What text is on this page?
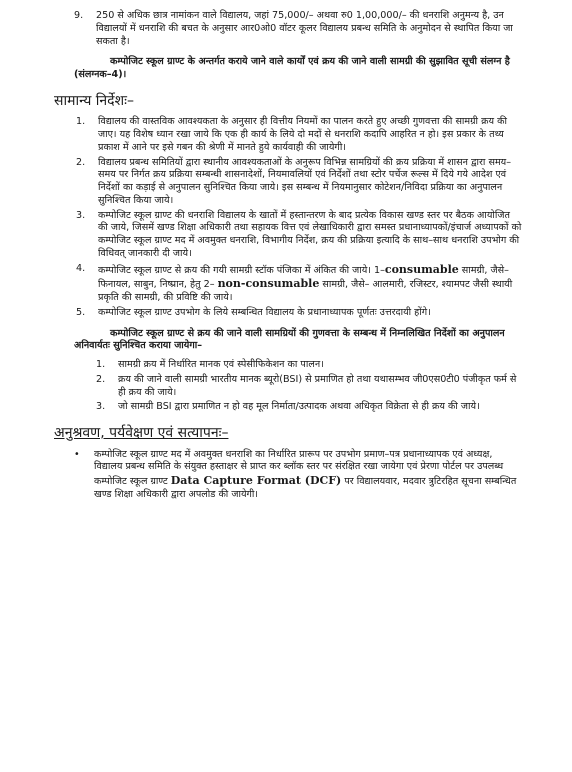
9. 250 से अधिक छात्र नामांकन वाले विद्यालय, जहां 75,000/– अथवा रु0 1,00,000/– की धनराशि अनुमन्य है, उन विद्यालयों में धनराशि की बचत के अनुसार आर0ओ0 वॉटर कूलर विद्यालय प्रबन्ध समिति के अनुमोदन से स्थापित किया जा सकता है।

कम्पोजिट स्कूल ग्राण्ट के अन्तर्गत कराये जाने वाले कार्यों एवं क्रय की जाने वाली सामग्री की सुझावित सूची संलग्न है (संलग्नक–4)।

सामान्य निर्देशः–
1. विद्यालय की वास्तविक आवश्यकता के अनुसार ही वित्तीय नियमों का पालन करते हुए अच्छी गुणवत्ता की सामग्री क्रय की जाए। यह विशेष ध्यान रखा जाये कि एक ही कार्य के लिये दो मदों से धनराशि कदापि आहरित न हो। इस प्रकार के तथ्य प्रकाश में आने पर इसे गबन की श्रेणी में मानते हुये कार्यवाही की जायेगी।

2. विद्यालय प्रबन्ध समितियों द्वारा स्थानीय आवश्यकताओं के अनुरूप विभिन्न सामग्रियों की क्रय प्रक्रिया में शासन द्वारा समय–समय पर निर्गत क्रय प्रक्रिया सम्बन्धी शासनादेशों, नियमावलियों एवं निर्देशों तथा स्टोर पर्चेज रूल्स में दिये गये आदेश एवं निर्देशों का कड़ाई से अनुपालन सुनिश्चित किया जाये। इस सम्बन्ध में नियमानुसार कोटेशन/निविदा प्रक्रिया का अनुपालन सुनिश्चित किया जाये।

3. कम्पोजिट स्कूल ग्राण्ट की धनराशि विद्यालय के खातों में हस्तान्तरण के बाद प्रत्येक विकास खण्ड स्तर पर बैठक आयोजित की जाये, जिसमें खण्ड शिक्षा अधिकारी तथा सहायक वित्त एवं लेखाधिकारी द्वारा समस्त प्रधानाध्यापकों/इंचार्ज अध्यापकों को कम्पोजिट स्कूल ग्राण्ट मद में अवमुक्त धनराशि, विभागीय निर्देश, क्रय की प्रक्रिया इत्यादि के साथ–साथ धनराशि उपभोग की विधिवत् जानकारी दी जाये।

4. कम्पोजिट स्कूल ग्राण्ट से क्रय की गयी सामग्री स्टॉक पंजिका में अंकित की जाये। 1–consumable सामग्री, जैसे– फिनायल, साबुन, निष्प्रान, हेतु 2– non-consumable सामग्री, जैसे– आलमारी, रजिस्टर, श्यामपट जैसी स्थायी प्रकृति की सामग्री, की प्रविष्टि की जाये।

5. कम्पोजिट स्कूल ग्राण्ट उपभोग के लिये सम्बन्धित विद्यालय के प्रधानाध्यापक पूर्णतः उत्तरदायी होंगे।

कम्पोजिट स्कूल ग्राण्ट से क्रय की जाने वाली सामग्रियों की गुणवत्ता के सम्बन्ध में निम्नलिखित निर्देशों का अनुपालन अनिवार्यतः सुनिश्चित कराया जायेगा–

1. सामग्री क्रय में निर्धारित मानक एवं स्पेसीफिकेशन का पालन।

2. क्रय की जाने वाली सामग्री भारतीय मानक ब्यूरो(BSI) से प्रमाणित हो तथा यथासम्भव जी0एस0टी0 पंजीकृत फर्म से ही क्रय की जाये।

3. जो सामग्री BSI द्वारा प्रमाणित न हो वह मूल निर्माता/उत्पादक अथवा अधिकृत विक्रेता से ही क्रय की जाये।

अनुश्रवण, पर्यवेक्षण एवं सत्यापनः–
• कम्पोजिट स्कूल ग्राण्ट मद में अवमुक्त धनराशि का निर्धारित प्रारूप पर उपभोग प्रमाण–पत्र प्रधानाध्यापक एवं अध्यक्ष, विद्यालय प्रबन्ध समिति के संयुक्त हस्ताक्षर से प्राप्त कर ब्लॉक स्तर पर संरक्षित रखा जायेगा एवं प्रेरणा पोर्टल पर उपलब्ध कम्पोजिट स्कूल ग्राण्ट Data Capture Format (DCF) पर विद्यालयवार, मदवार त्रुटिरहित सूचना सम्बन्धित खण्ड शिक्षा अधिकारी द्वारा अपलोड की जायेगी।
